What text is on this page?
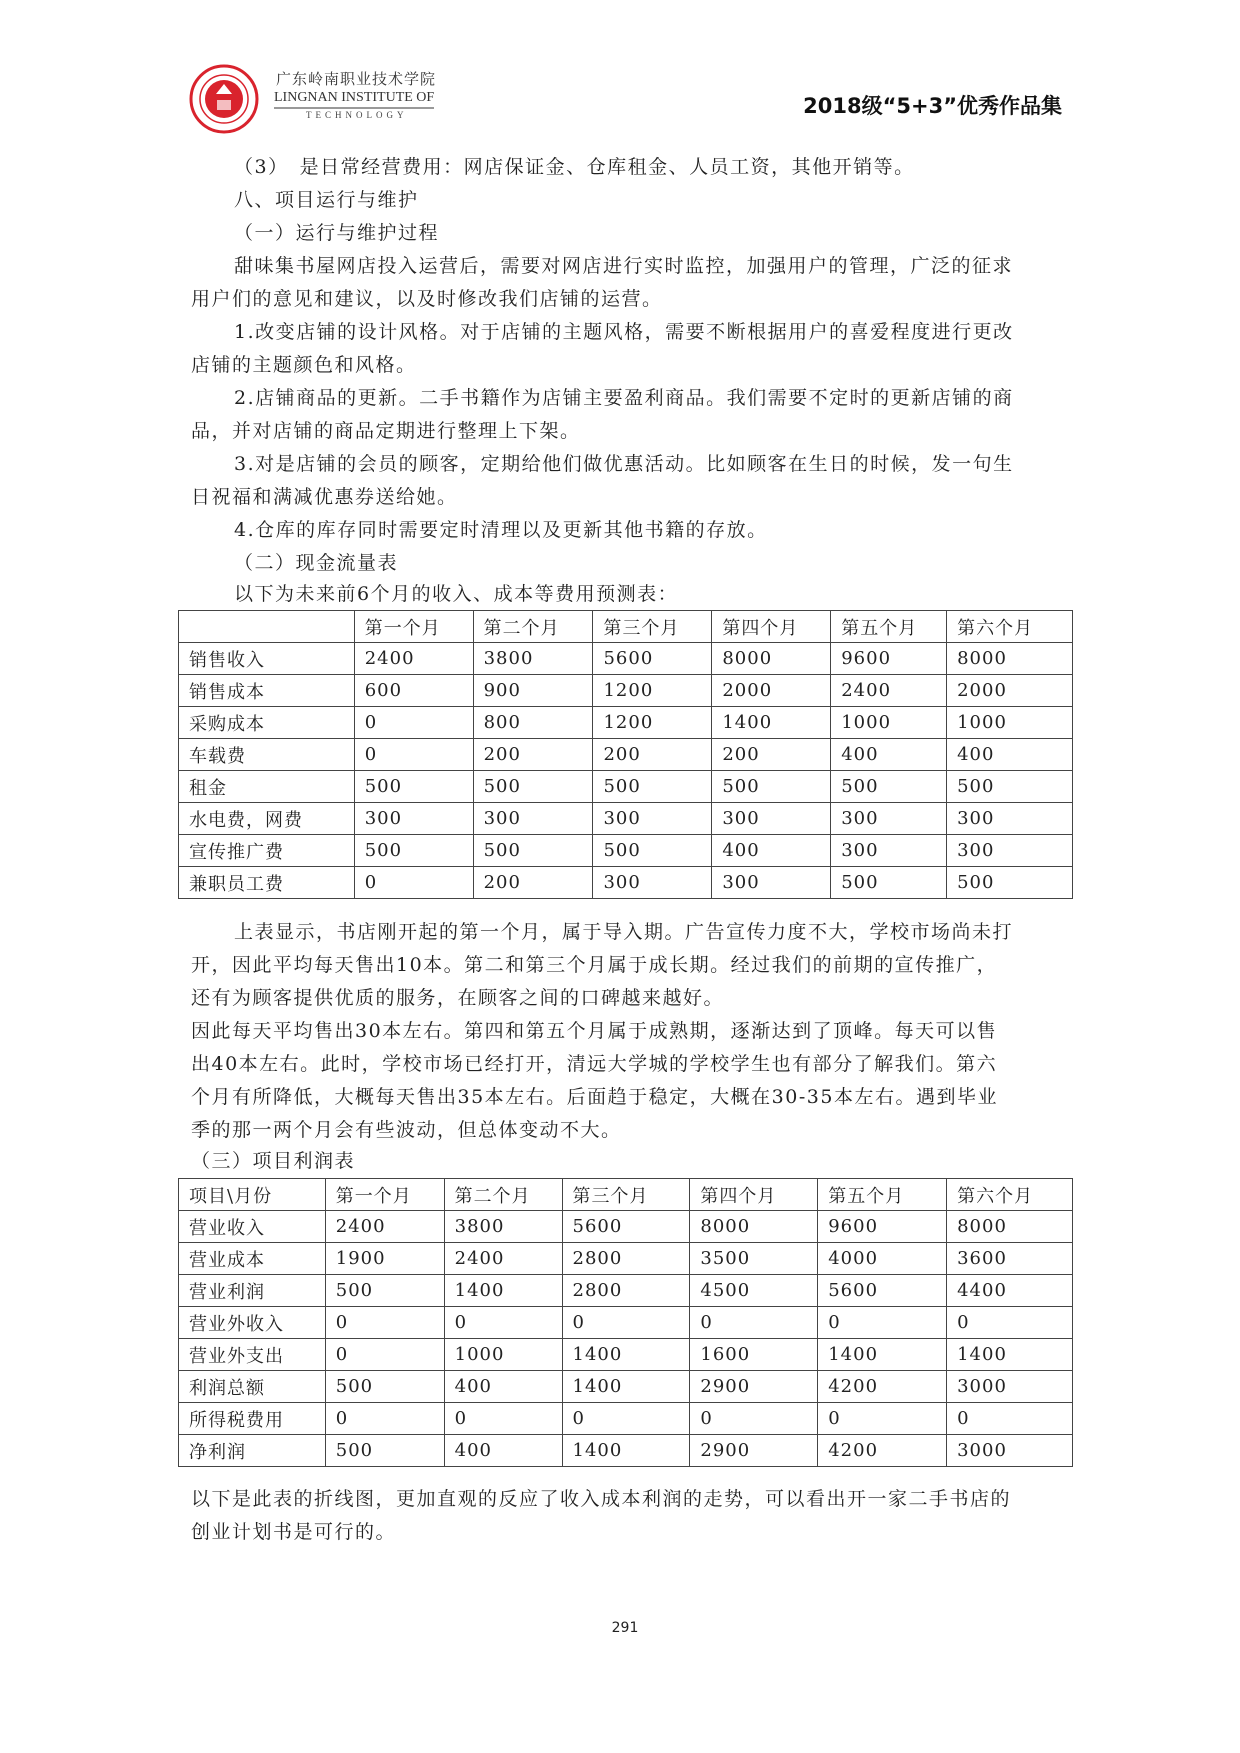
广东岭南职业技术学院
LINGNAN INSTITUTE OF
TECHNOLOGY	2018级“5+3”优秀作品集
（3）　是日常经营费用：网店保证金、仓库租金、人员工资，其他开销等。
八、项目运行与维护
（一）运行与维护过程
甜味集书屋网店投入运营后，需要对网店进行实时监控，加强用户的管理，广泛的征求
用户们的意见和建议，以及时修改我们店铺的运营。
1.改变店铺的设计风格。对于店铺的主题风格，需要不断根据用户的喜爱程度进行更改
店铺的主题颜色和风格。
2.店铺商品的更新。二手书籍作为店铺主要盈利商品。我们需要不定时的更新店铺的商
品，并对店铺的商品定期进行整理上下架。
3.对是店铺的会员的顾客，定期给他们做优惠活动。比如顾客在生日的时候，发一句生
日祝福和满减优惠券送给她。
4.仓库的库存同时需要定时清理以及更新其他书籍的存放。
（二）现金流量表
以下为未来前6个月的收入、成本等费用预测表：
	第一个月	第二个月	第三个月	第四个月	第五个月	第六个月
销售收入	2400	3800	5600	8000	9600	8000
销售成本	600	900	1200	2000	2400	2000
采购成本	0	800	1200	1400	1000	1000
车载费	0	200	200	200	400	400
租金	500	500	500	500	500	500
水电费，网费	300	300	300	300	300	300
宣传推广费	500	500	500	400	300	300
兼职员工费	0	200	300	300	500	500
上表显示，书店刚开起的第一个月，属于导入期。广告宣传力度不大，学校市场尚未打
开，因此平均每天售出10本。第二和第三个月属于成长期。经过我们的前期的宣传推广，
还有为顾客提供优质的服务，在顾客之间的口碑越来越好。
因此每天平均售出30本左右。第四和第五个月属于成熟期，逐渐达到了顶峰。每天可以售
出40本左右。此时，学校市场已经打开，清远大学城的学校学生也有部分了解我们。第六
个月有所降低，大概每天售出35本左右。后面趋于稳定，大概在30-35本左右。遇到毕业
季的那一两个月会有些波动，但总体变动不大。
（三）项目利润表
项目\月份	第一个月	第二个月	第三个月	第四个月	第五个月	第六个月
营业收入	2400	3800	5600	8000	9600	8000
营业成本	1900	2400	2800	3500	4000	3600
营业利润	500	1400	2800	4500	5600	4400
营业外收入	0	0	0	0	0	0
营业外支出	0	1000	1400	1600	1400	1400
利润总额	500	400	1400	2900	4200	3000
所得税费用	0	0	0	0	0	0
净利润	500	400	1400	2900	4200	3000
以下是此表的折线图，更加直观的反应了收入成本利润的走势，可以看出开一家二手书店的
创业计划书是可行的。
291
